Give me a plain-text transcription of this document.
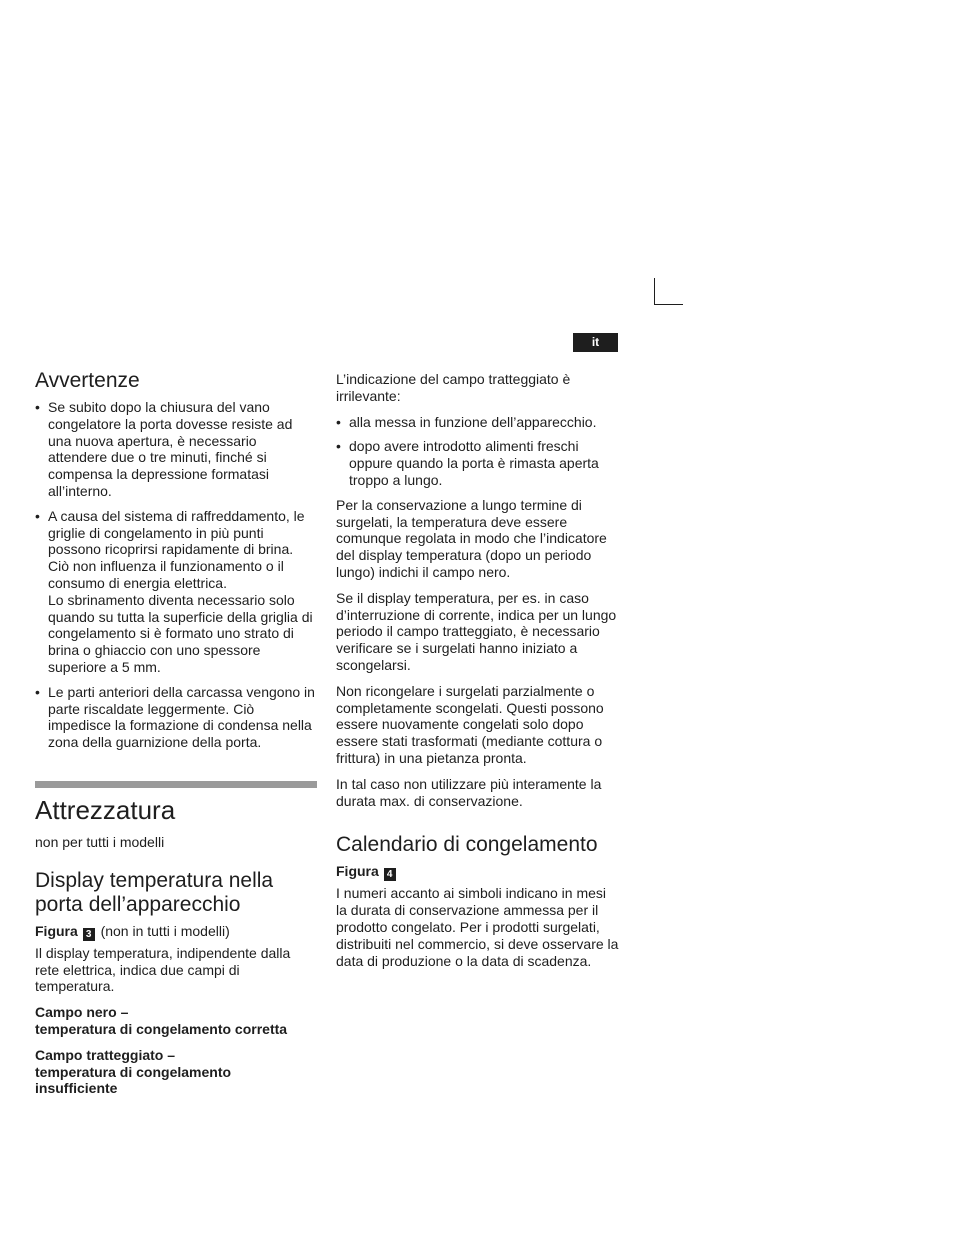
it
Avvertenze
• Se subito dopo la chiusura del vano congelatore la porta dovesse resiste ad una nuova apertura, è necessario attendere due o tre minuti, finché si compensa la depressione formatasi all’interno.
• A causa del sistema di raffreddamento, le griglie di congelamento in più punti possono ricoprirsi rapidamente di brina. Ciò non influenza il funzionamento o il consumo di energia elettrica.
Lo sbrinamento diventa necessario solo quando su tutta la superficie della griglia di congelamento si è formato uno strato di brina o ghiaccio con uno spessore superiore a 5 mm.
• Le parti anteriori della carcassa vengono in parte riscaldate leggermente. Ciò impedisce la formazione di condensa nella zona della guarnizione della porta.
Attrezzatura

non per tutti i modelli

Display temperatura nella porta dell’apparecchio

Figura 3 (non in tutti i modelli)

Il display temperatura, indipendente dalla rete elettrica, indica due campi di temperatura.

Campo nero –

temperatura di congelamento corretta

Campo tratteggiato –

temperatura di congelamento insufficiente

L’indicazione del campo tratteggiato è irrilevante:

• alla messa in funzione dell’apparecchio.
• dopo avere introdotto alimenti freschi oppure quando la porta è rimasta aperta troppo a lungo.

Per la conservazione a lungo termine di surgelati, la temperatura deve essere comunque regolata in modo che l’indicatore del display temperatura (dopo un periodo lungo) indichi il campo nero.

Se il display temperatura, per es. in caso d’interruzione di corrente, indica per un lungo periodo il campo tratteggiato, è necessario verificare se i surgelati hanno iniziato a scongelarsi.

Non ricongelare i surgelati parzialmente o completamente scongelati. Questi possono essere nuovamente congelati solo dopo essere stati trasformati (mediante cottura o frittura) in una pietanza pronta.

In tal caso non utilizzare più interamente la durata max. di conservazione.

Calendario di congelamento

Figura 4

I numeri accanto ai simboli indicano in mesi la durata di conservazione ammessa per il prodotto congelato. Per i prodotti surgelati, distribuiti nel commercio, si deve osservare la data di produzione o la data di scadenza.
